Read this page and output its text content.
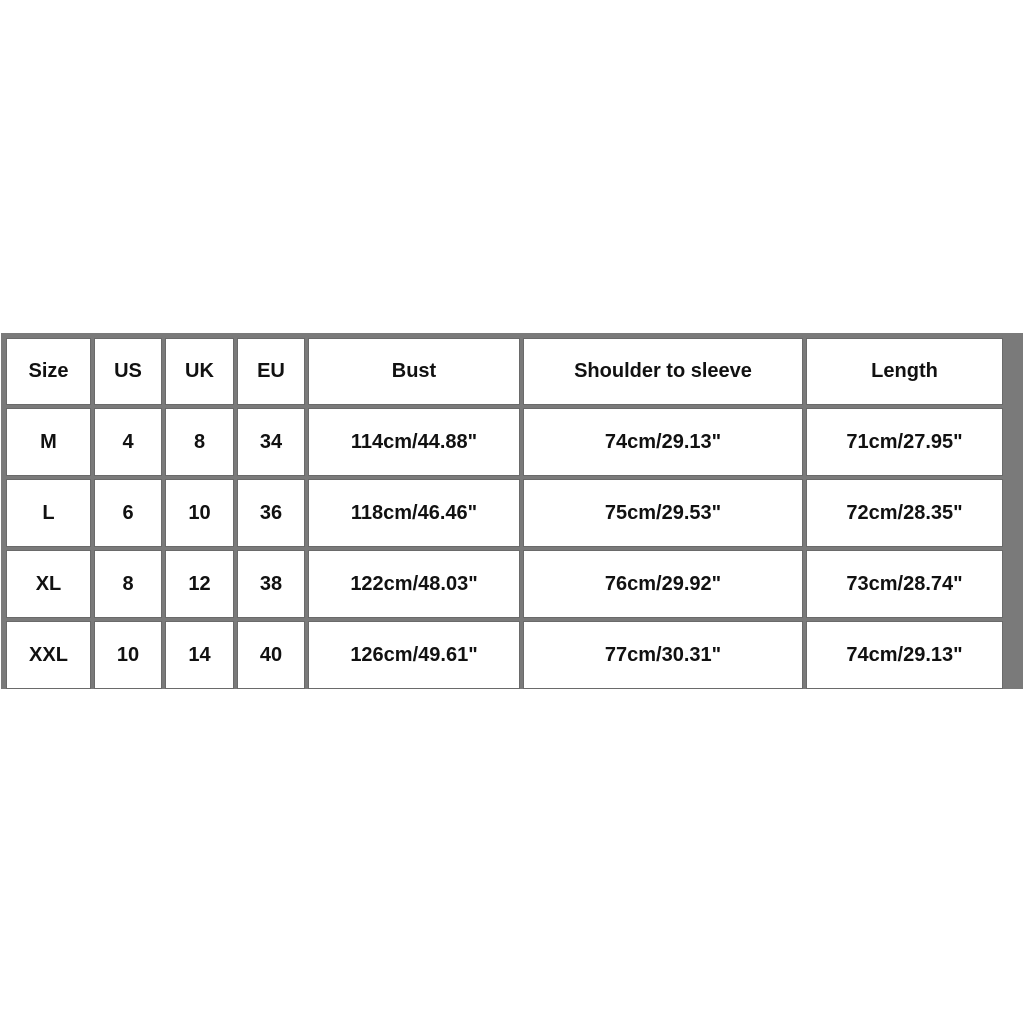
Size	US	UK	EU	Bust	Shoulder to sleeve	Length
M	4	8	34	114cm/44.88"	74cm/29.13"	71cm/27.95"
L	6	10	36	118cm/46.46"	75cm/29.53"	72cm/28.35"
XL	8	12	38	122cm/48.03"	76cm/29.92"	73cm/28.74"
XXL	10	14	40	126cm/49.61"	77cm/30.31"	74cm/29.13"
